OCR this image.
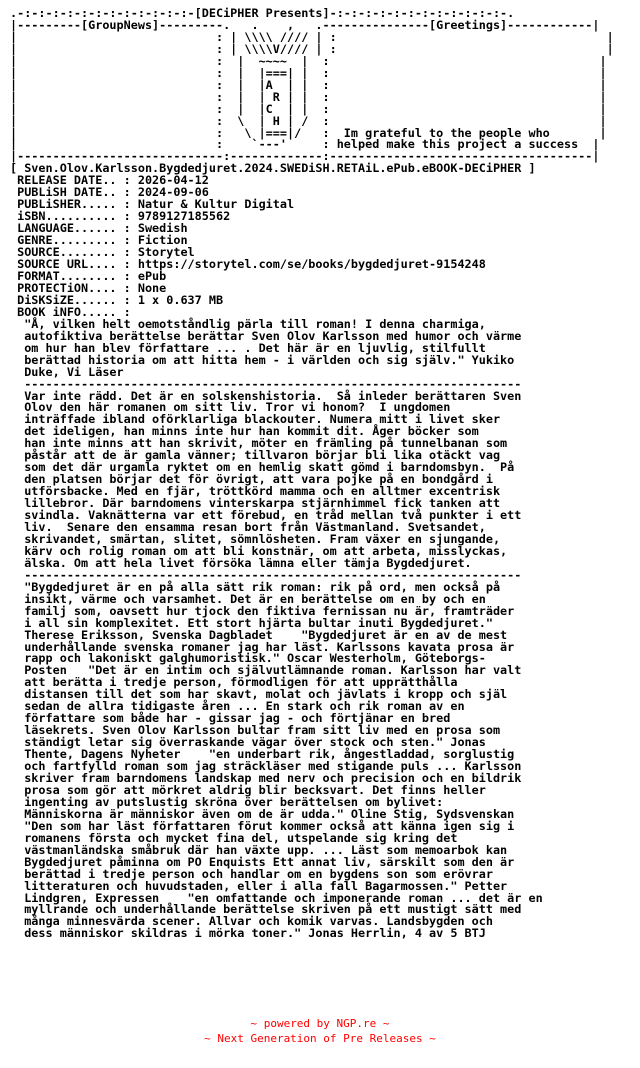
.-:-:-:-:-:-:-:-:-:-:-:-:-[DECiPHER Presents]-:-:-:-:-:-:-:-:-:-:-:-:-.
|---------[GroupNews]---------.   .    ,   .---------------[Greetings]------------|
|                            : | \\\\ //// | :                                      |
|                            : | \\\\V//// | :                                      |
|                            :  |  ~~~~  |  :                                      |
|                            :  |  |===| |  :                                      |
|                            :  |  |A  | |  :                                      |
|                            :  |  | R | |  :                                      |
|                            :  |  |C  | |  :                                      |
|                            :  \  | H | /  :                                      |
|                            :   \ |===|/   :  Im grateful to the people who       |
|                            :    `---'     : helped make this project a success  |
|-----------------------------:-------------:-------------------------------------|
[ Sven.Olov.Karlsson.Bygdedjuret.2024.SWEDiSH.RETAiL.ePub.eBOOK-DECiPHER ]
RELEASE DATE.. : 2026-04-12
PUBLiSH DATE.. : 2024-09-06
PUBLiSHER..... : Natur & Kultur Digital
iSBN.......... : 9789127185562
LANGUAGE...... : Swedish
GENRE......... : Fiction
SOURCE........ : Storytel
SOURCE URL.... : https://storytel.com/se/books/bygdedjuret-9154248
FORMAT........ : ePub
PROTECTiON.... : None
DiSKSiZE...... : 1 x 0.637 MB
BOOK iNFO..... :
"Å, vilken helt oemotståndlig pärla till roman! I denna charmiga,
autofiktiva berättelse berättar Sven Olov Karlsson med humor och värme
om hur han blev författare ... . Det här är en ljuvlig, stilfullt
berättad historia om att hitta hem - i världen och sig själv." Yukiko
Duke, Vi Läser
----------------------------------------------------------------------
Var inte rädd. Det är en solskenshistoria.  Så inleder berättaren Sven
Olov den här romanen om sitt liv. Tror vi honom?  I ungdomen
inträffade ibland oförklarliga blackouter. Numera mitt i livet sker
det ideligen, han minns inte hur han kommit dit. Åger böcker som
han inte minns att han skrivit, möter en främling på tunnelbanan som
påstår att de är gamla vänner; tillvaron börjar bli lika otäckt vag
som det där urgamla ryktet om en hemlig skatt gömd i barndomsbyn.  På
den platsen börjar det för övrigt, att vara pojke på en bondgård i
utförsbacke. Med en fjär, tröttkörd mamma och en alltmer excentrisk
lillebror. Där barndomens vinterskarpa stjärnhimmel fick tanken att
svindla. Vaknätterna var ett förebud, en tråd mellan två punkter i ett
liv.  Senare den ensamma resan bort från Västmanland. Svetsandet,
skrivandet, smärtan, slitet, sömnlösheten. Fram växer en sjungande,
kärv och rolig roman om att bli konstnär, om att arbeta, misslyckas,
älska. Om att hela livet försöka lämna eller tämja Bygdedjuret.
----------------------------------------------------------------------
"Bygdedjuret är en på alla sätt rik roman: rik på ord, men också på
insikt, värme och varsamhet. Det är en berättelse om en by och en
familj som, oavsett hur tjock den fiktiva fernissan nu är, framträder
i all sin komplexitet. Ett stort hjärta bultar inuti Bygdedjuret."
Therese Eriksson, Svenska Dagbladet    "Bygdedjuret är en av de mest
underhållande svenska romaner jag har läst. Karlssons kavata prosa är
rapp och lakoniskt galghumoristisk." Oscar Westerholm, Göteborgs-
Posten   "Det är en intim och självutlämnande roman. Karlsson har valt
att berätta i tredje person, förmodligen för att upprätthålla
distansen till det som har skavt, molat och jävlats i kropp och själ
sedan de allra tidigaste åren ... En stark och rik roman av en
författare som både har - gissar jag - och förtjänar en bred
läsekrets. Sven Olov Karlsson bultar fram sitt liv med en prosa som
ständigt letar sig överraskande vägar över stock och sten." Jonas
Thente, Dagens Nyheter    "en underbart rik, ångestladdad, sorglustig
och fartfylld roman som jag sträckläser med stigande puls ... Karlsson
skriver fram barndomens landskap med nerv och precision och en bildrik
prosa som gör att mörkret aldrig blir becksvart. Det finns heller
ingenting av putslustig skröna över berättelsen om bylivet:
Människorna är människor även om de är udda." Oline Stig, Sydsvenskan
"Den som har läst författaren förut kommer också att känna igen sig i
romanens första och mycket fina del, utspelande sig kring det
västmanländska småbruk där han växte upp. ... Läst som memoarbok kan
Bygdedjuret påminna om PO Enquists Ett annat liv, särskilt som den är
berättad i tredje person och handlar om en bygdens son som erövrar
litteraturen och huvudstaden, eller i alla fall Bagarmossen." Petter
Lindgren, Expressen    "en omfattande och imponerande roman ... det är en
myllrande och underhållande berättelse skriven på ett mustigt sätt med
många minnesvärda scener. Allvar och komik varvas. Landsbygden och
dess människor skildras i mörka toner." Jonas Herrlin, 4 av 5 BTJ
~ powered by NGP.re ~
~ Next Generation of Pre Releases ~
